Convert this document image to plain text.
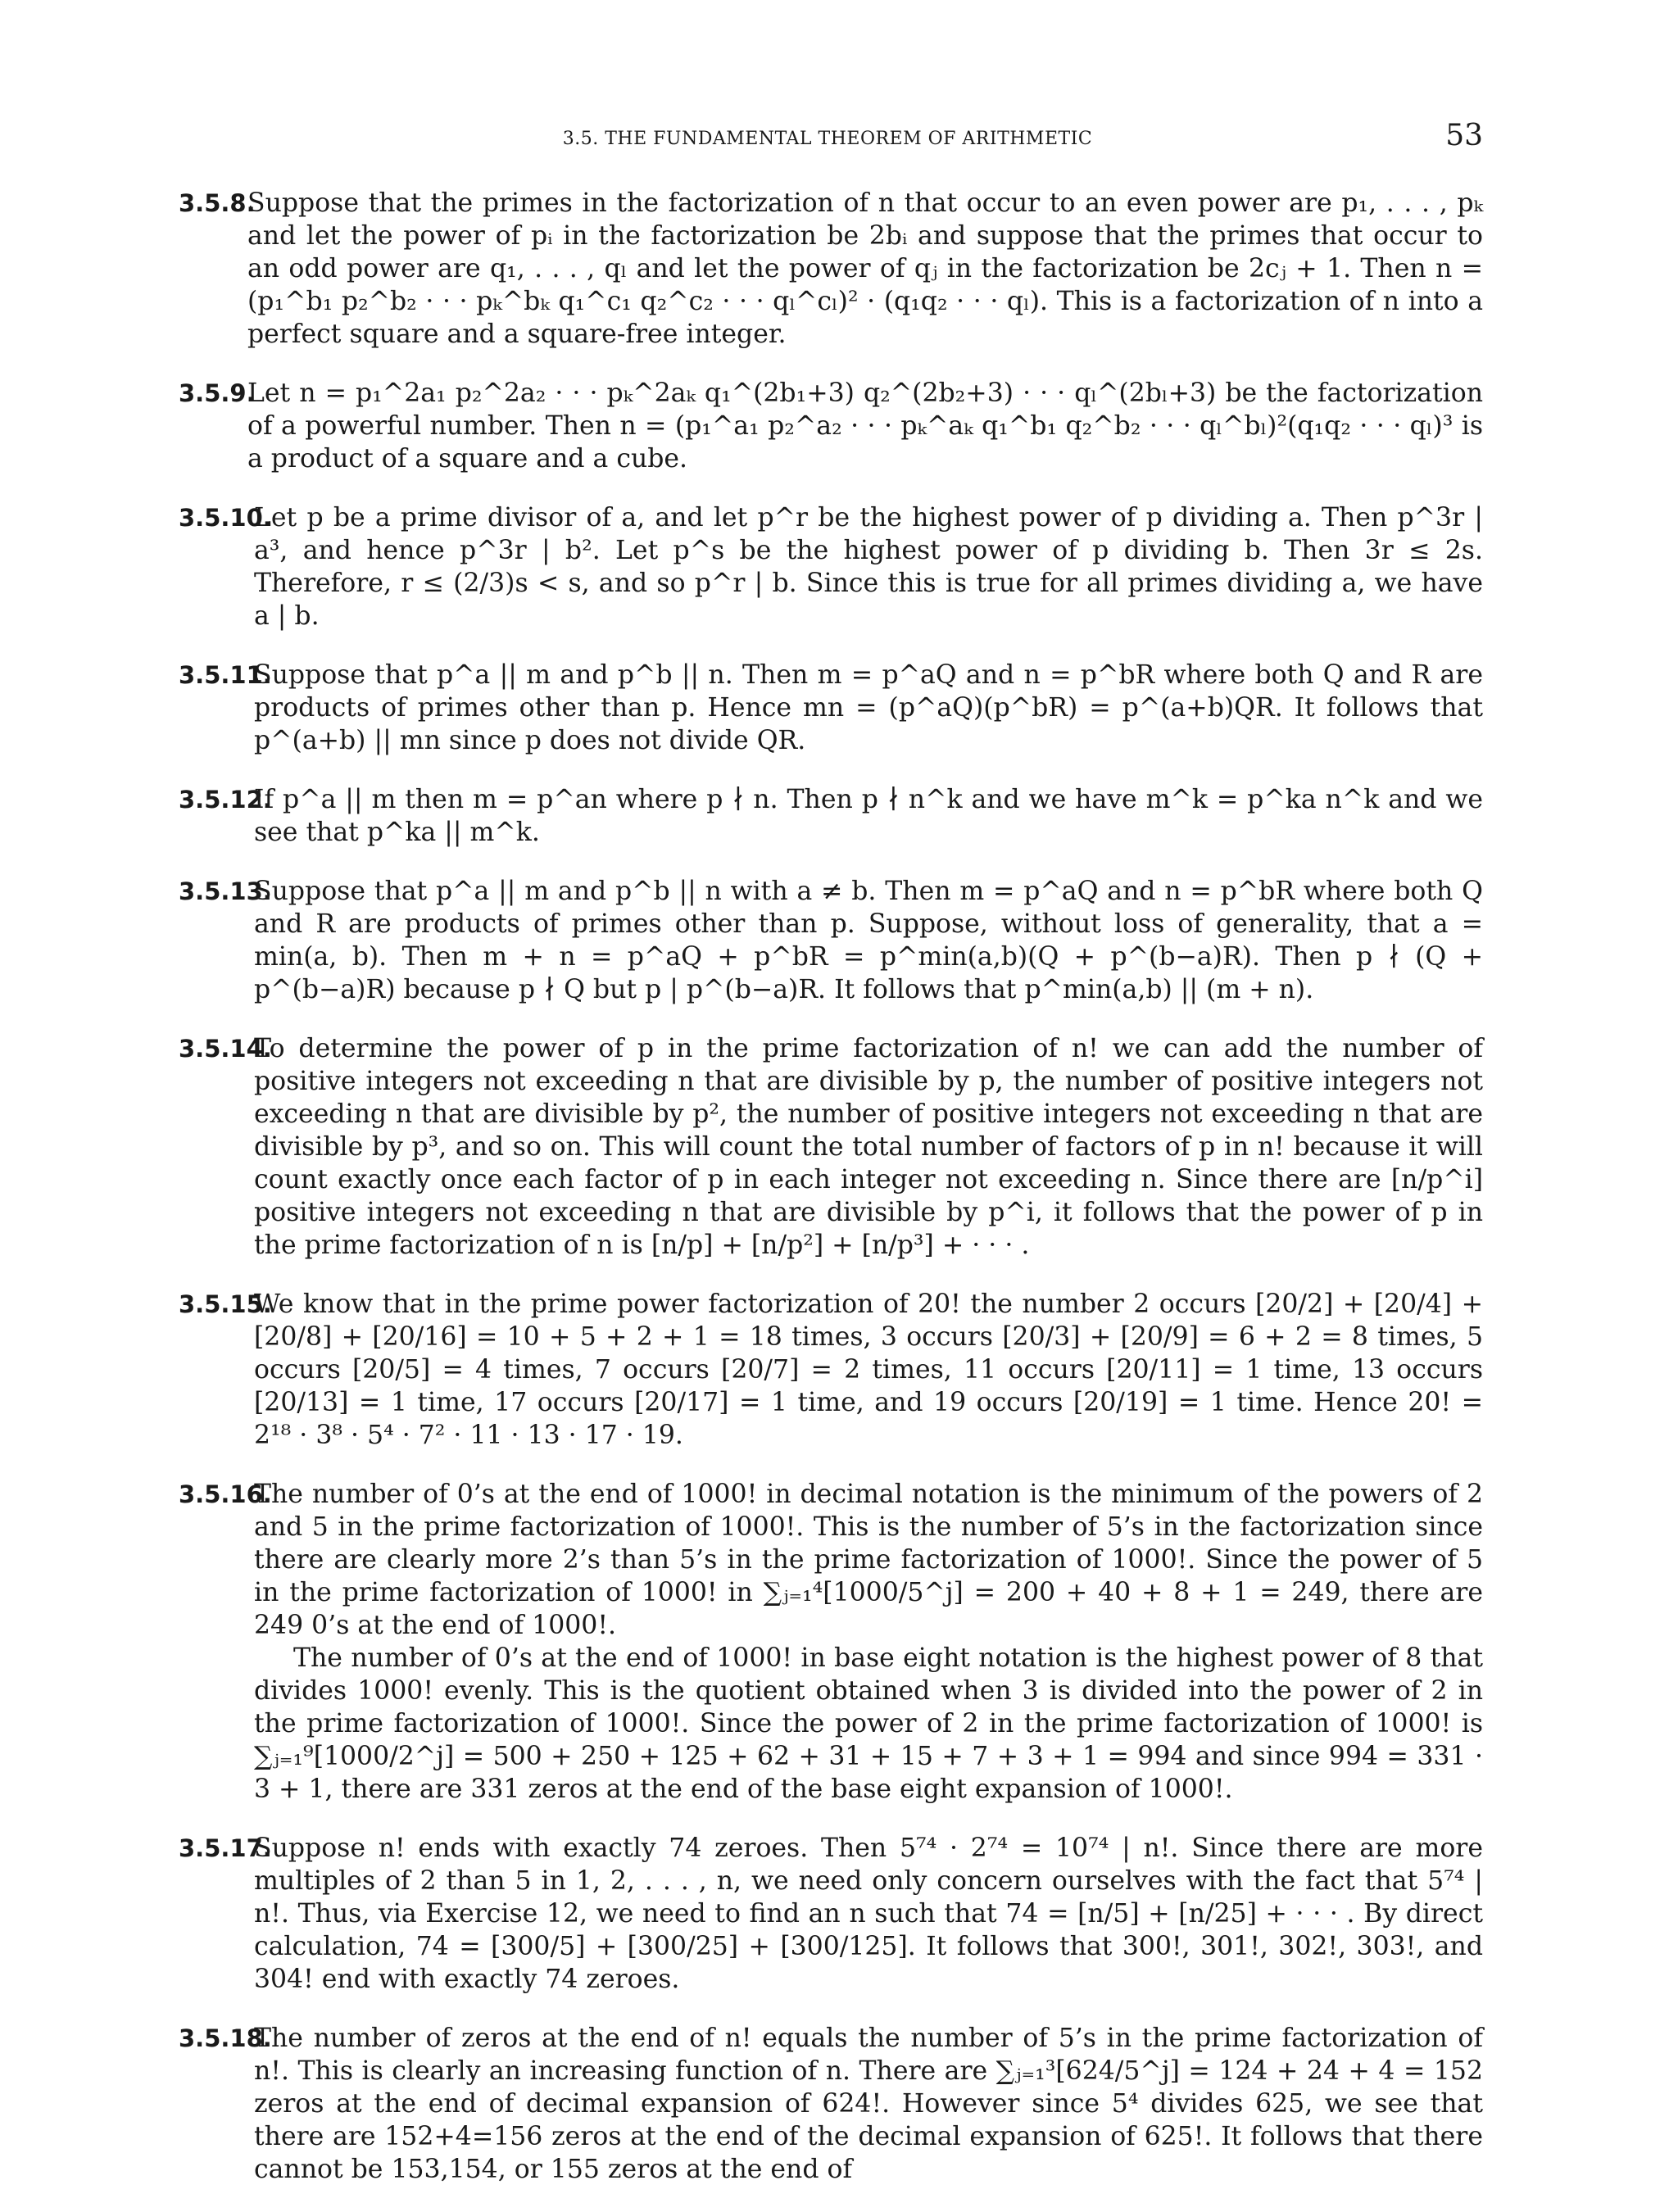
3.5. THE FUNDAMENTAL THEOREM OF ARITHMETIC	53
3.5.8.

Suppose that the primes in the factorization of n that occur to an even power are p₁, . . . , pₖ and let the power of pᵢ in the factorization be 2bᵢ and suppose that the primes that occur to an odd power are q₁, . . . , qₗ and let the power of qⱼ in the factorization be 2cⱼ + 1. Then n = (p₁^b₁ p₂^b₂ · · · pₖ^bₖ q₁^c₁ q₂^c₂ · · · qₗ^cₗ)² · (q₁q₂ · · · qₗ). This is a factorization of n into a perfect square and a square-free integer.

3.5.9.

Let n = p₁^2a₁ p₂^2a₂ · · · pₖ^2aₖ q₁^(2b₁+3) q₂^(2b₂+3) · · · qₗ^(2bₗ+3) be the factorization of a powerful number. Then n = (p₁^a₁ p₂^a₂ · · · pₖ^aₖ q₁^b₁ q₂^b₂ · · · qₗ^bₗ)²(q₁q₂ · · · qₗ)³ is a product of a square and a cube.

3.5.10.

Let p be a prime divisor of a, and let p^r be the highest power of p dividing a. Then p^3r | a³, and hence p^3r | b². Let p^s be the highest power of p dividing b. Then 3r ≤ 2s. Therefore, r ≤ (2/3)s < s, and so p^r | b. Since this is true for all primes dividing a, we have a | b.

3.5.11.

Suppose that p^a || m and p^b || n. Then m = p^aQ and n = p^bR where both Q and R are products of primes other than p. Hence mn = (p^aQ)(p^bR) = p^(a+b)QR. It follows that p^(a+b) || mn since p does not divide QR.

3.5.12.

If p^a || m then m = p^an where p ∤ n. Then p ∤ n^k and we have m^k = p^ka n^k and we see that p^ka || m^k.

3.5.13.

Suppose that p^a || m and p^b || n with a ≠ b. Then m = p^aQ and n = p^bR where both Q and R are products of primes other than p. Suppose, without loss of generality, that a = min(a, b). Then m + n = p^aQ + p^bR = p^min(a,b)(Q + p^(b−a)R). Then p ∤ (Q + p^(b−a)R) because p ∤ Q but p | p^(b−a)R. It follows that p^min(a,b) || (m + n).

3.5.14.

To determine the power of p in the prime factorization of n! we can add the number of positive integers not exceeding n that are divisible by p, the number of positive integers not exceeding n that are divisible by p², the number of positive integers not exceeding n that are divisible by p³, and so on. This will count the total number of factors of p in n! because it will count exactly once each factor of p in each integer not exceeding n. Since there are [n/p^i] positive integers not exceeding n that are divisible by p^i, it follows that the power of p in the prime factorization of n is [n/p] + [n/p²] + [n/p³] + · · · .

3.5.15.

We know that in the prime power factorization of 20! the number 2 occurs [20/2] + [20/4] + [20/8] + [20/16] = 10 + 5 + 2 + 1 = 18 times, 3 occurs [20/3] + [20/9] = 6 + 2 = 8 times, 5 occurs [20/5] = 4 times, 7 occurs [20/7] = 2 times, 11 occurs [20/11] = 1 time, 13 occurs [20/13] = 1 time, 17 occurs [20/17] = 1 time, and 19 occurs [20/19] = 1 time. Hence 20! = 2¹⁸ · 3⁸ · 5⁴ · 7² · 11 · 13 · 17 · 19.

3.5.16.

The number of 0’s at the end of 1000! in decimal notation is the minimum of the powers of 2 and 5 in the prime factorization of 1000!. This is the number of 5’s in the factorization since there are clearly more 2’s than 5’s in the prime factorization of 1000!. Since the power of 5 in the prime factorization of 1000! in ∑ⱼ₌₁⁴[1000/5^j] = 200 + 40 + 8 + 1 = 249, there are 249 0’s at the end of 1000!.

The number of 0’s at the end of 1000! in base eight notation is the highest power of 8 that divides 1000! evenly. This is the quotient obtained when 3 is divided into the power of 2 in the prime factorization of 1000!. Since the power of 2 in the prime factorization of 1000! is ∑ⱼ₌₁⁹[1000/2^j] = 500 + 250 + 125 + 62 + 31 + 15 + 7 + 3 + 1 = 994 and since 994 = 331 · 3 + 1, there are 331 zeros at the end of the base eight expansion of 1000!.

3.5.17.

Suppose n! ends with exactly 74 zeroes. Then 5⁷⁴ · 2⁷⁴ = 10⁷⁴ | n!. Since there are more multiples of 2 than 5 in 1, 2, . . . , n, we need only concern ourselves with the fact that 5⁷⁴ | n!. Thus, via Exercise 12, we need to find an n such that 74 = [n/5] + [n/25] + · · · . By direct calculation, 74 = [300/5] + [300/25] + [300/125]. It follows that 300!, 301!, 302!, 303!, and 304! end with exactly 74 zeroes.

3.5.18.

The number of zeros at the end of n! equals the number of 5’s in the prime factorization of n!. This is clearly an increasing function of n. There are ∑ⱼ₌₁³[624/5^j] = 124 + 24 + 4 = 152 zeros at the end of decimal expansion of 624!. However since 5⁴ divides 625, we see that there are 152+4=156 zeros at the end of the decimal expansion of 625!. It follows that there cannot be 153,154, or 155 zeros at the end of
